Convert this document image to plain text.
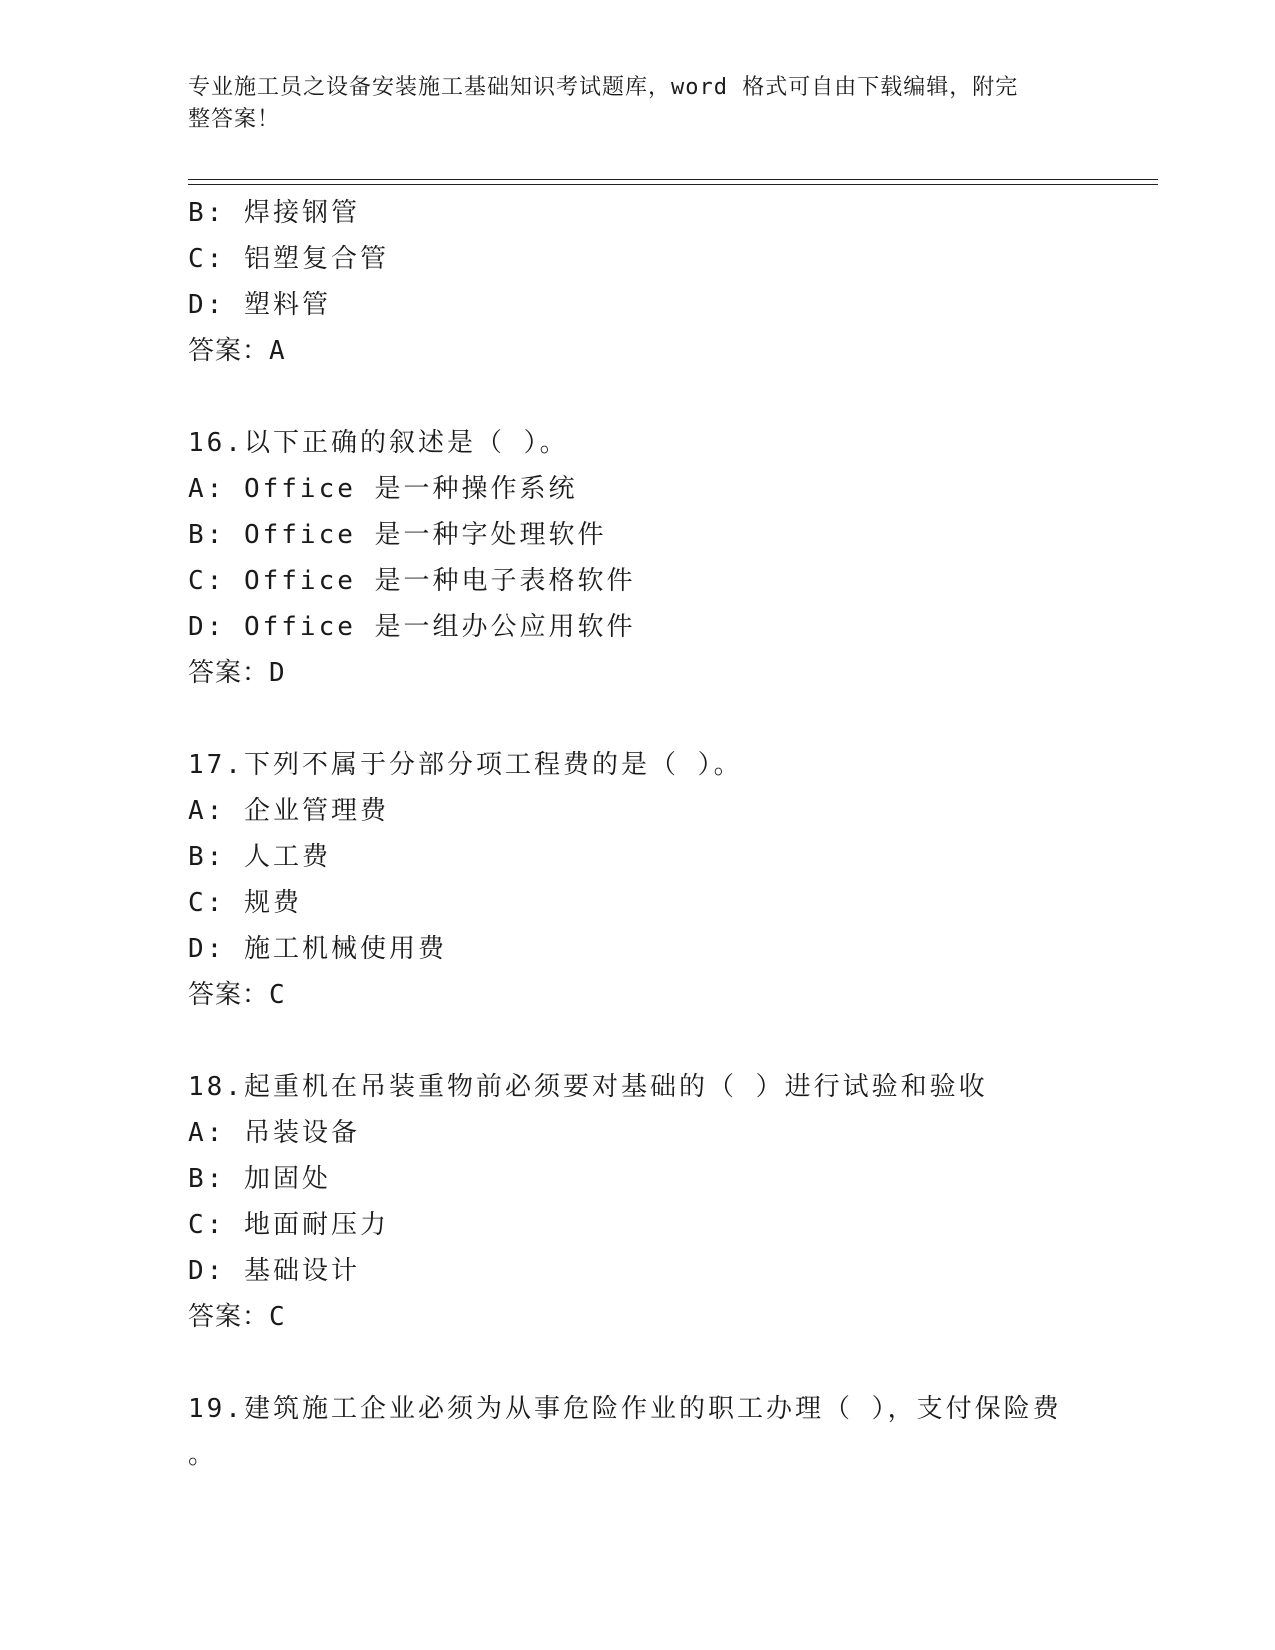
专业施工员之设备安装施工基础知识考试题库，word 格式可自由下载编辑，附完
整答案！
B: 焊接钢管
C: 铝塑复合管
D: 塑料管
答案：A
16.以下正确的叙述是（ ）。
A: Office 是一种操作系统
B: Office 是一种字处理软件
C: Office 是一种电子表格软件
D: Office 是一组办公应用软件
答案：D
17.下列不属于分部分项工程费的是（ ）。
A: 企业管理费
B: 人工费
C: 规费
D: 施工机械使用费
答案：C
18.起重机在吊装重物前必须要对基础的（ ）进行试验和验收
A: 吊装设备
B: 加固处
C: 地面耐压力
D: 基础设计
答案：C
19.建筑施工企业必须为从事危险作业的职工办理（ ），支付保险费
。
